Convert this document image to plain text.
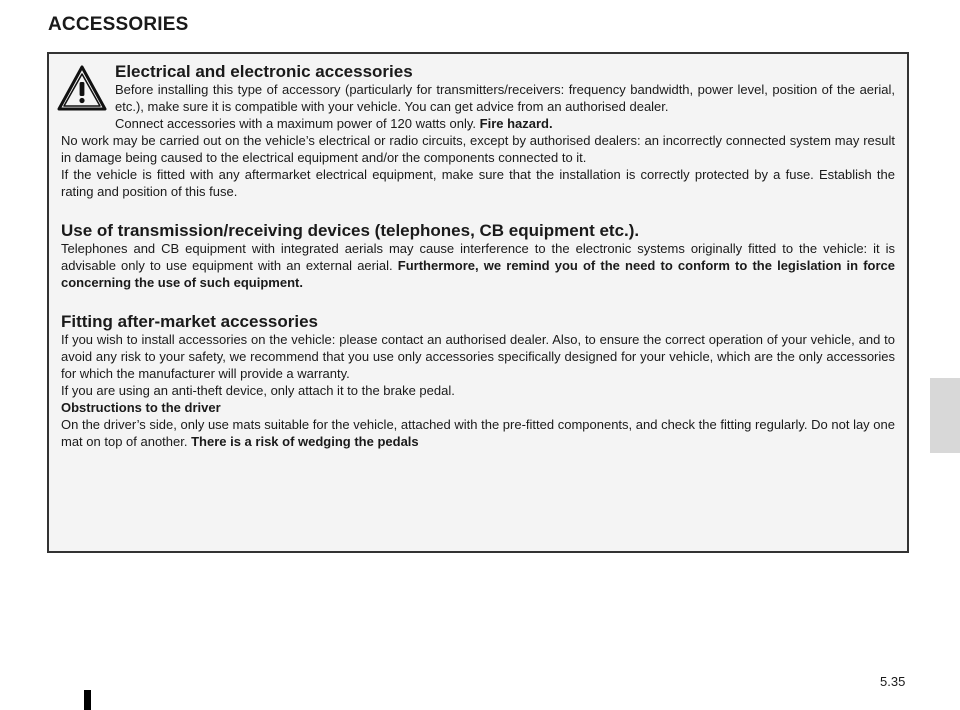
ACCESSORIES

Electrical and electronic accessories

Before installing this type of accessory (particularly for transmitters/receivers: frequency bandwidth, power level, position of the aerial, etc.), make sure it is compatible with your vehicle. You can get advice from an authorised dealer.

Connect accessories with a maximum power of 120 watts only. Fire hazard.

No work may be carried out on the vehicle’s electrical or radio circuits, except by authorised dealers: an incorrectly connected system may result in damage being caused to the electrical equipment and/or the components connected to it.

If the vehicle is fitted with any aftermarket electrical equipment, make sure that the installation is correctly protected by a fuse. Establish the rating and position of this fuse.

Use of transmission/receiving devices (telephones, CB equipment etc.).

Telephones and CB equipment with integrated aerials may cause interference to the electronic systems originally fitted to the vehicle: it is advisable only to use equipment with an external aerial. Furthermore, we remind you of the need to conform to the legislation in force concerning the use of such equipment.

Fitting after-market accessories

If you wish to install accessories on the vehicle: please contact an authorised dealer. Also, to ensure the correct operation of your vehicle, and to avoid any risk to your safety, we recommend that you use only accessories specifically designed for your vehicle, which are the only accessories for which the manufacturer will provide a warranty.

If you are using an anti-theft device, only attach it to the brake pedal.

Obstructions to the driver

On the driver’s side, only use mats suitable for the vehicle, attached with the pre-fitted components, and check the fitting regularly. Do not lay one mat on top of another. There is a risk of wedging the pedals

5.35
